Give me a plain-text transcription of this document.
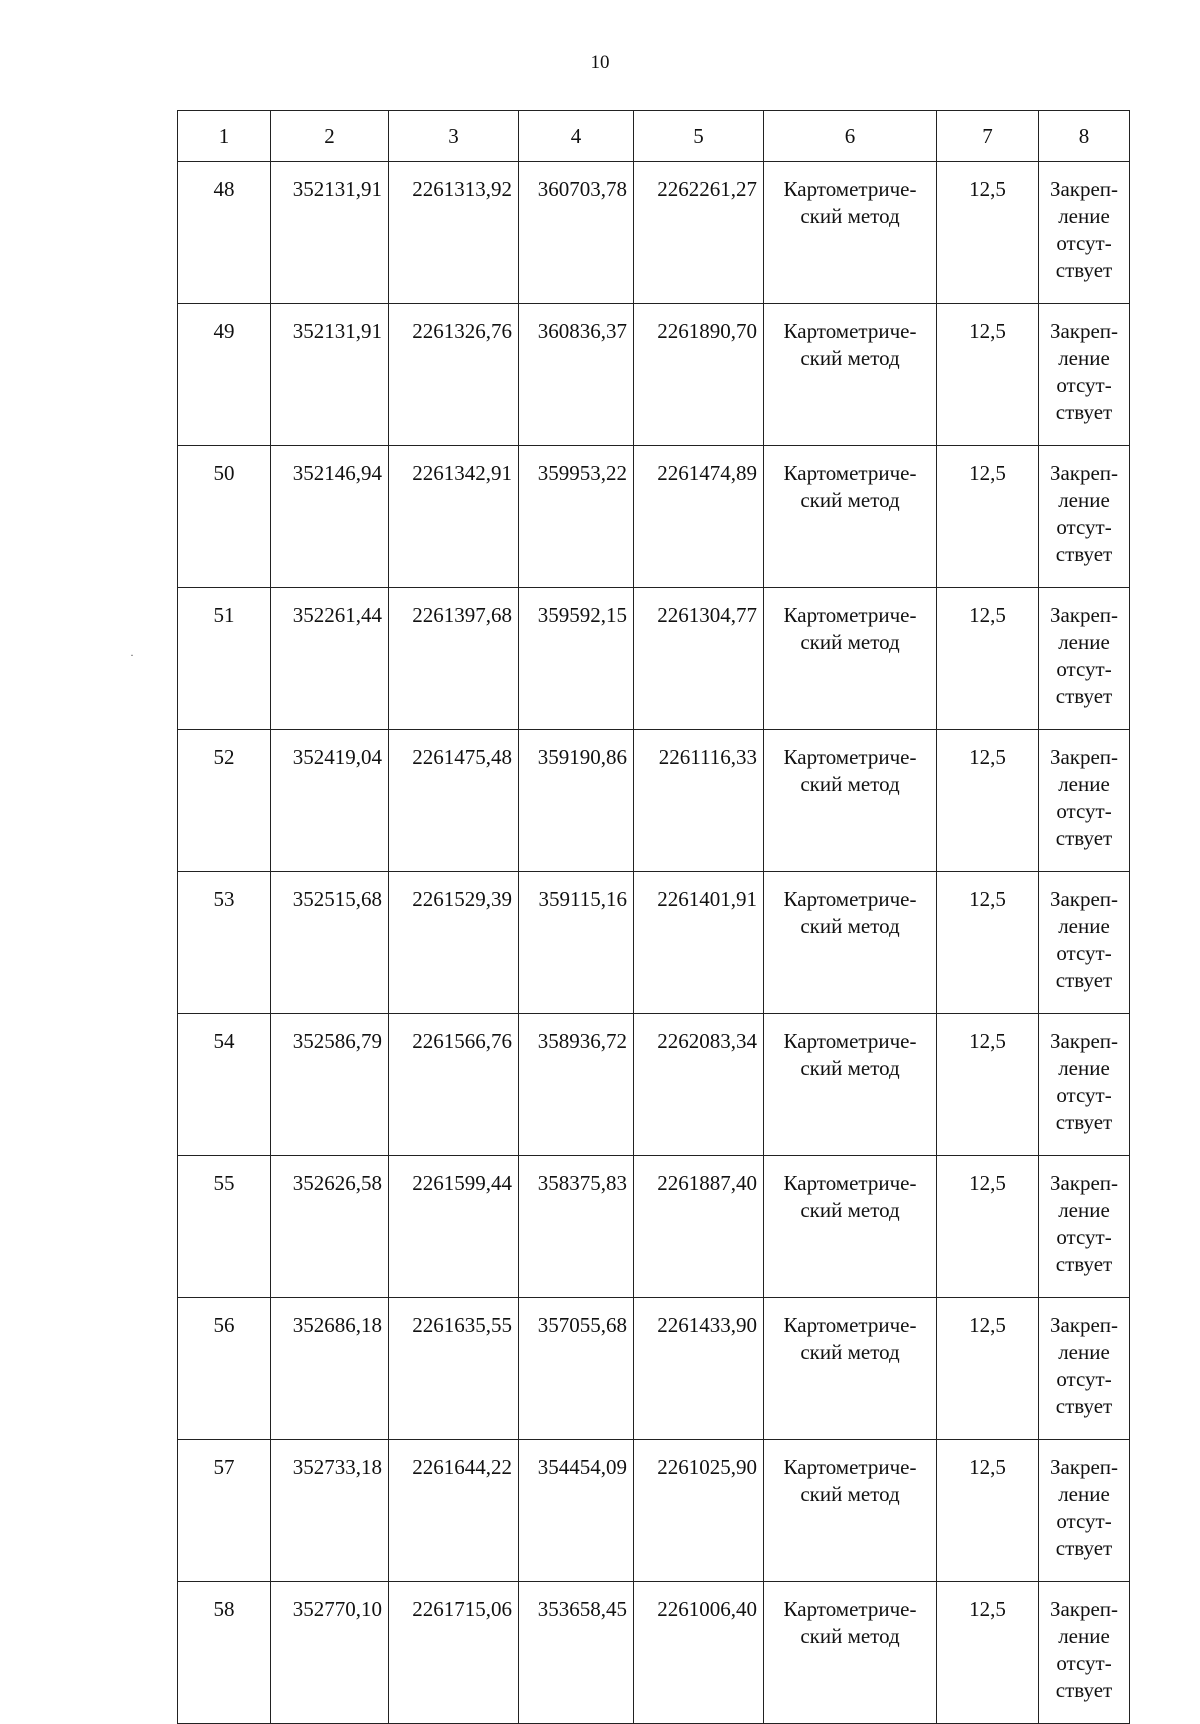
10
·
1	2	3	4	5	6	7	8

48	352131,91	2261313,92	360703,78	2262261,27	Картометриче-
ский метод	12,5	Закреп-
ление
отсут-
ствует

49	352131,91	2261326,76	360836,37	2261890,70	Картометриче-
ский метод	12,5	Закреп-
ление
отсут-
ствует

50	352146,94	2261342,91	359953,22	2261474,89	Картометриче-
ский метод	12,5	Закреп-
ление
отсут-
ствует

51	352261,44	2261397,68	359592,15	2261304,77	Картометриче-
ский метод	12,5	Закреп-
ление
отсут-
ствует

52	352419,04	2261475,48	359190,86	2261116,33	Картометриче-
ский метод	12,5	Закреп-
ление
отсут-
ствует

53	352515,68	2261529,39	359115,16	2261401,91	Картометриче-
ский метод	12,5	Закреп-
ление
отсут-
ствует

54	352586,79	2261566,76	358936,72	2262083,34	Картометриче-
ский метод	12,5	Закреп-
ление
отсут-
ствует

55	352626,58	2261599,44	358375,83	2261887,40	Картометриче-
ский метод	12,5	Закреп-
ление
отсут-
ствует

56	352686,18	2261635,55	357055,68	2261433,90	Картометриче-
ский метод	12,5	Закреп-
ление
отсут-
ствует

57	352733,18	2261644,22	354454,09	2261025,90	Картометриче-
ский метод	12,5	Закреп-
ление
отсут-
ствует

58	352770,10	2261715,06	353658,45	2261006,40	Картометриче-
ский метод	12,5	Закреп-
ление
отсут-
ствует
